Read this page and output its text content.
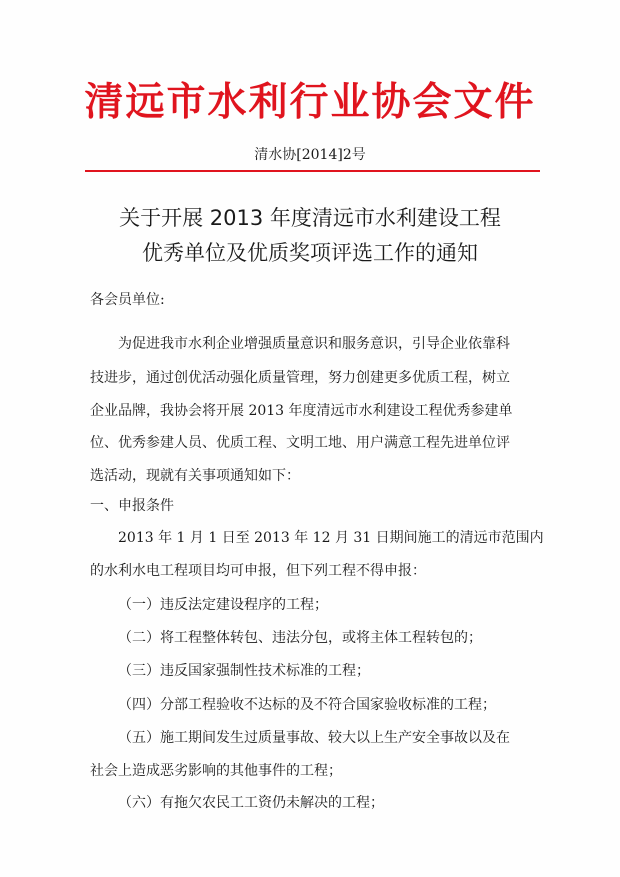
清远市水利行业协会文件
清水协[2014]2号
关于开展 2013 年度清远市水利建设工程
优秀单位及优质奖项评选工作的通知
各会员单位:
为促进我市水利企业增强质量意识和服务意识，引导企业依靠科
技进步，通过创优活动强化质量管理，努力创建更多优质工程，树立
企业品牌，我协会将开展 2013 年度清远市水利建设工程优秀参建单
位、优秀参建人员、优质工程、文明工地、用户满意工程先进单位评
选活动，现就有关事项通知如下：
一、申报条件
2013 年 1 月 1 日至 2013 年 12 月 31 日期间施工的清远市范围内
的水利水电工程项目均可申报，但下列工程不得申报：
（一）违反法定建设程序的工程；
（二）将工程整体转包、违法分包，或将主体工程转包的；
（三）违反国家强制性技术标准的工程；
（四）分部工程验收不达标的及不符合国家验收标准的工程；
（五）施工期间发生过质量事故、较大以上生产安全事故以及在
社会上造成恶劣影响的其他事件的工程；
（六）有拖欠农民工工资仍未解决的工程；
